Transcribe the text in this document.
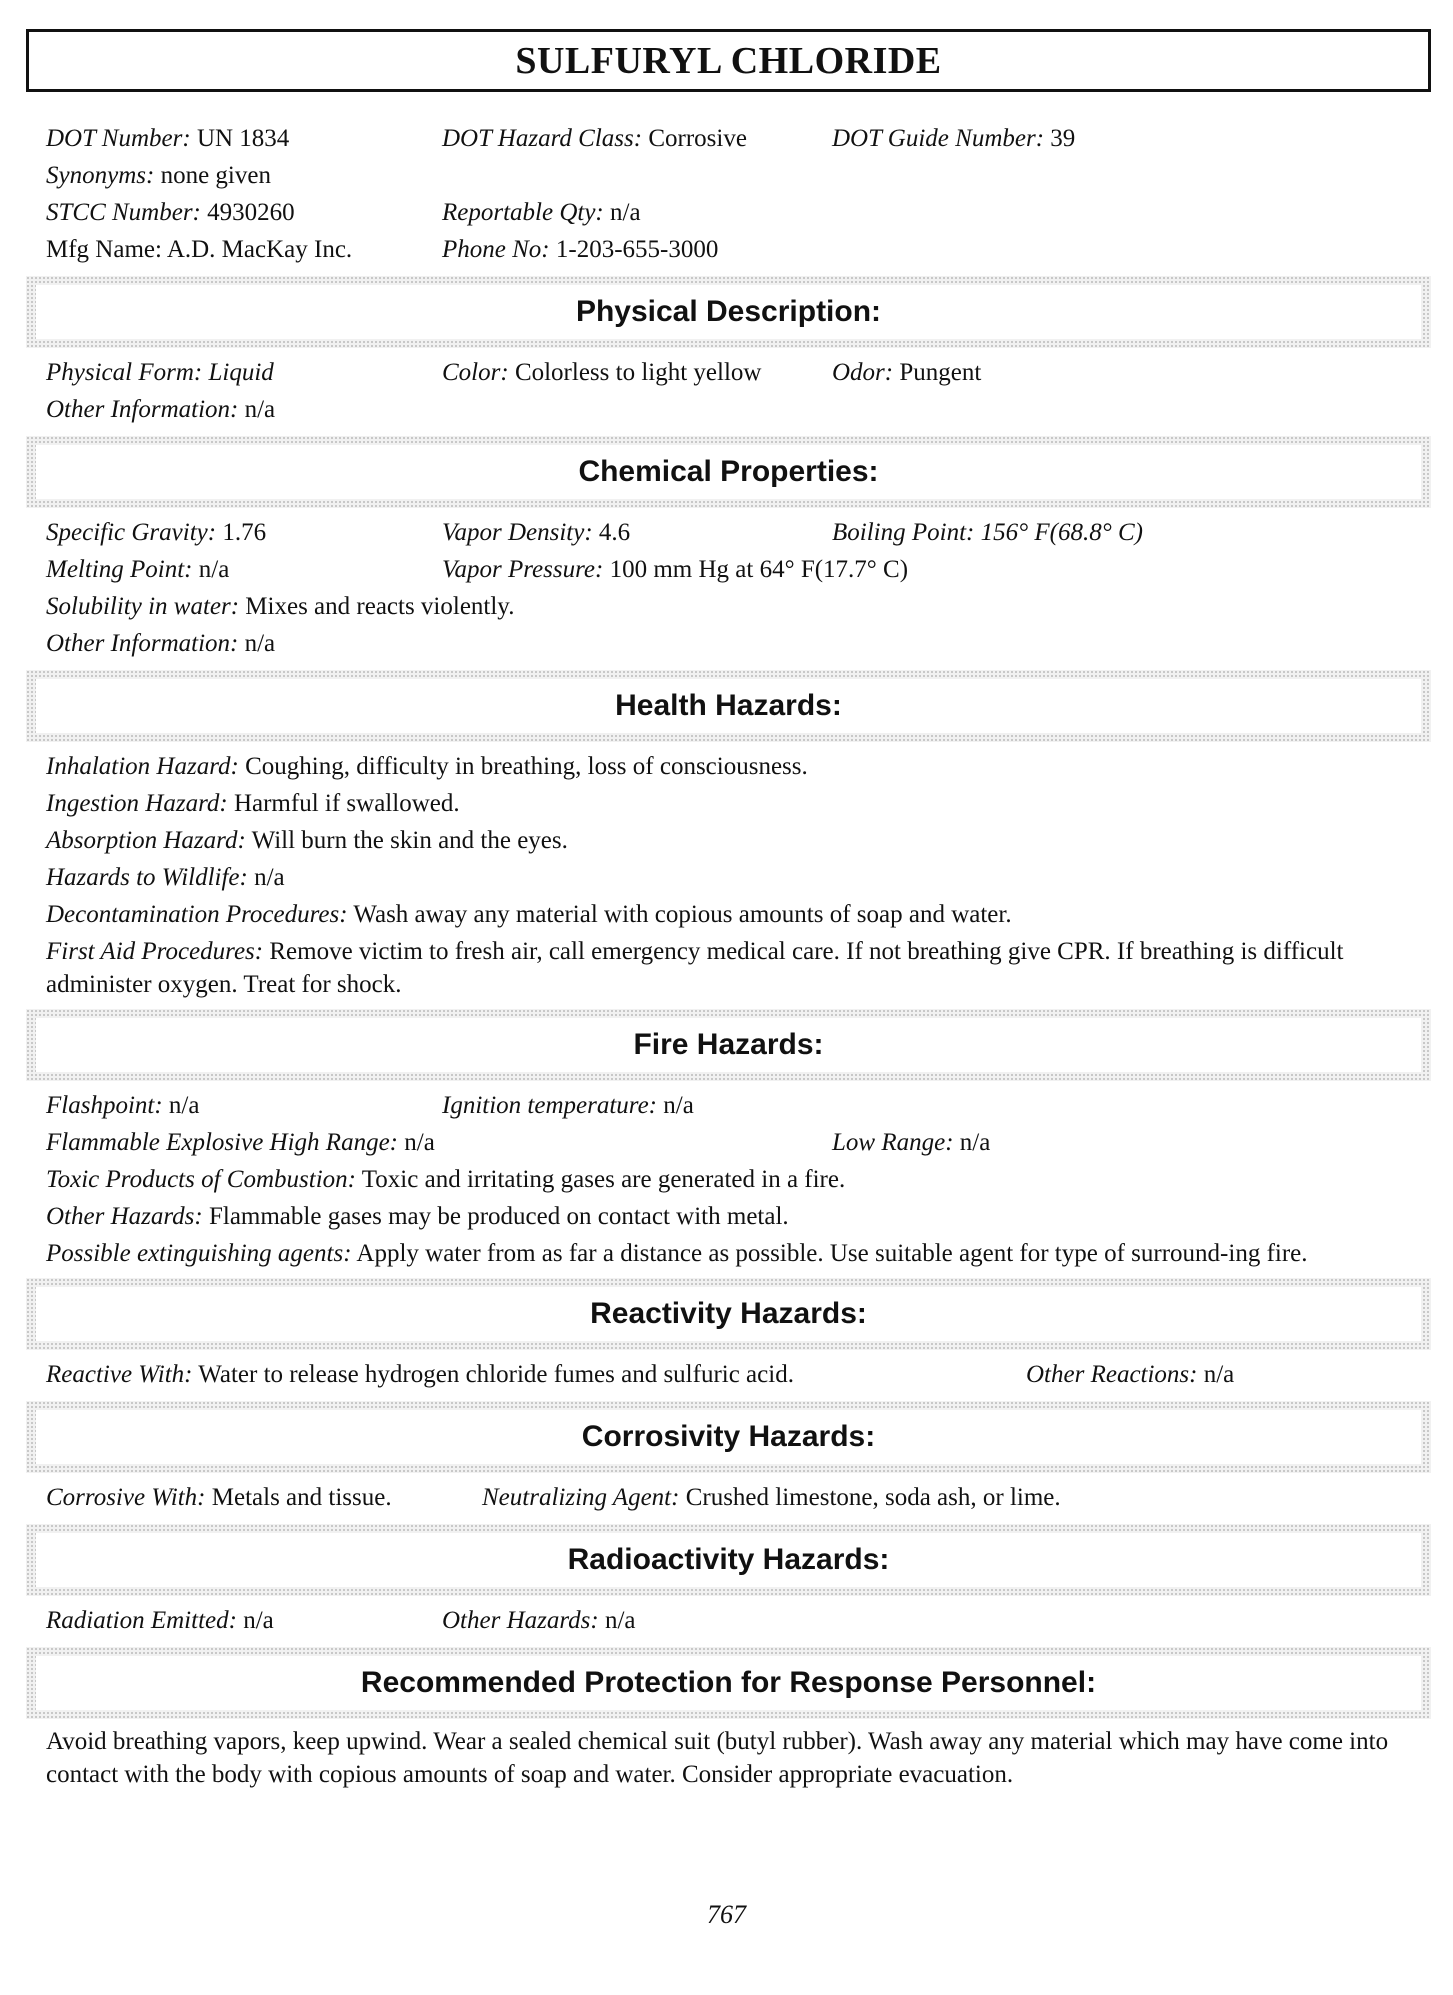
SULFURYL CHLORIDE
DOT Number: UN 1834	DOT Hazard Class: Corrosive	DOT Guide Number: 39
Synonyms: none given
STCC Number: 4930260	Reportable Qty: n/a
Mfg Name: A.D. MacKay Inc.	Phone No: 1-203-655-3000
Physical Description:
Physical Form: Liquid	Color: Colorless to light yellow	Odor: Pungent
Other Information: n/a
Chemical Properties:
Specific Gravity: 1.76	Vapor Density: 4.6	Boiling Point: 156° F(68.8° C)
Melting Point: n/a	Vapor Pressure: 100 mm Hg at 64° F(17.7° C)
Solubility in water: Mixes and reacts violently.
Other Information: n/a
Health Hazards:
Inhalation Hazard: Coughing, difficulty in breathing, loss of consciousness.
Ingestion Hazard: Harmful if swallowed.
Absorption Hazard: Will burn the skin and the eyes.
Hazards to Wildlife: n/a
Decontamination Procedures: Wash away any material with copious amounts of soap and water.
First Aid Procedures: Remove victim to fresh air, call emergency medical care. If not breathing give CPR. If breathing is difficult administer oxygen. Treat for shock.
Fire Hazards:
Flashpoint: n/a	Ignition temperature: n/a
Flammable Explosive High Range: n/a	Low Range: n/a
Toxic Products of Combustion: Toxic and irritating gases are generated in a fire.
Other Hazards: Flammable gases may be produced on contact with metal.
Possible extinguishing agents: Apply water from as far a distance as possible. Use suitable agent for type of surround-ing fire.
Reactivity Hazards:
Reactive With: Water to release hydrogen chloride fumes and sulfuric acid.	Other Reactions: n/a
Corrosivity Hazards:
Corrosive With: Metals and tissue.	Neutralizing Agent: Crushed limestone, soda ash, or lime.
Radioactivity Hazards:
Radiation Emitted: n/a	Other Hazards: n/a
Recommended Protection for Response Personnel:
Avoid breathing vapors, keep upwind. Wear a sealed chemical suit (butyl rubber). Wash away any material which may have come into contact with the body with copious amounts of soap and water. Consider appropriate evacuation.
767
